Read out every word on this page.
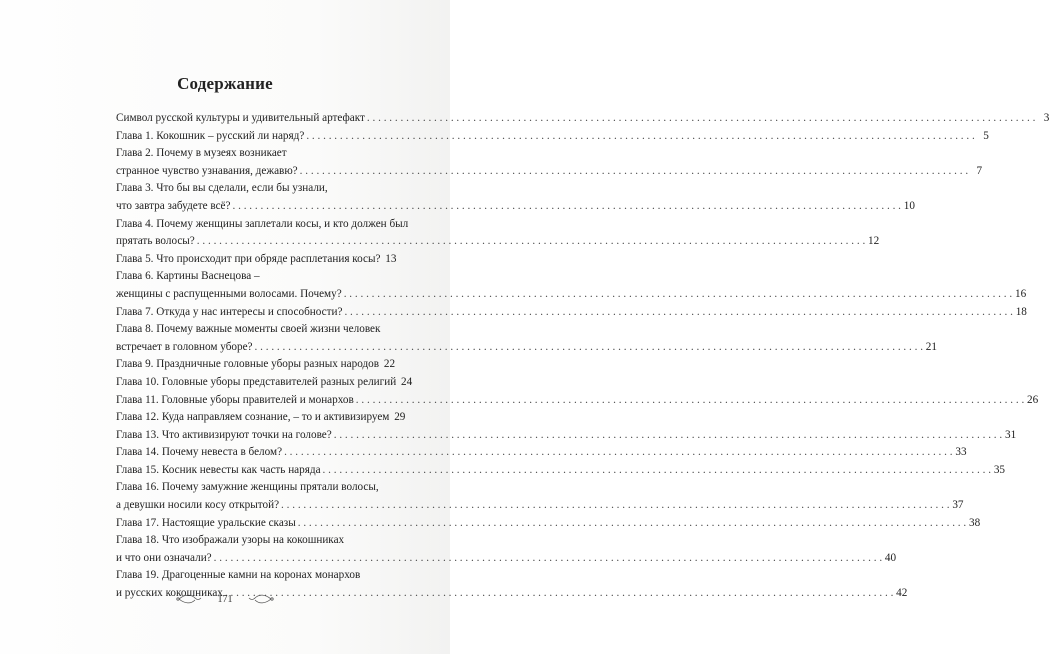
Содержание
Символ русской культуры и удивительный артефакт . . . . . . . . . . . . . . . . . . . . . . . . . . . . . . . . . . . . . . . . . . . . . . . . . . . . . . . . . . . . . . . . . . . . . . . . . . . . . . . . . . . . . . . . . . . . . . . . . . . . . . . . . . . . . . . . . . . . . . . . 3
Глава 1. Кокошник – русский ли наряд? . . . . . . . . . . . . . . . . . . . . . . . . . . . . . . . . . . . . . . . . . . . . . . . . . . . . . . . . . . . . . . . . . . . . . . . . . . . . . . . . . . . . . . . . . . . . . . . . . . . . . . . . . . . . . . . . . . . . . . . . 5
Глава 2. Почему в музеях возникает
странное чувство узнавания, дежавю? . . . . . . . . . . . . . . . . . . . . . . . . . . . . . . . . . . . . . . . . . . . . . . . . . . . . . . . . . . . . . . . . . . . . . . . . . . . . . . . . . . . . . . . . . . . . . . . . . . . . . . . . . . . . . . . . . . . . . . . . 7
Глава 3. Что бы вы сделали, если бы узнали,
что завтра забудете всё? . . . . . . . . . . . . . . . . . . . . . . . . . . . . . . . . . . . . . . . . . . . . . . . . . . . . . . . . . . . . . . . . . . . . . . . . . . . . . . . . . . . . . . . . . . . . . . . . . . . . . . . . . . . . . . . . . . . . . . . . 10
Глава 4. Почему женщины заплетали косы, и кто должен был
прятать волосы? . . . . . . . . . . . . . . . . . . . . . . . . . . . . . . . . . . . . . . . . . . . . . . . . . . . . . . . . . . . . . . . . . . . . . . . . . . . . . . . . . . . . . . . . . . . . . . . . . . . . . . . . . . . . . . . . . . . . . . . . 12
Глава 5. Что происходит при обряде расплетания косы? 13
Глава 6. Картины Васнецова –
женщины с распущенными волосами. Почему? . . . . . . . . . . . . . . . . . . . . . . . . . . . . . . . . . . . . . . . . . . . . . . . . . . . . . . . . . . . . . . . . . . . . . . . . . . . . . . . . . . . . . . . . . . . . . . . . . . . . . . . . . . . . . . . . . . . . . . . . 16
Глава 7. Откуда у нас интересы и способности? . . . . . . . . . . . . . . . . . . . . . . . . . . . . . . . . . . . . . . . . . . . . . . . . . . . . . . . . . . . . . . . . . . . . . . . . . . . . . . . . . . . . . . . . . . . . . . . . . . . . . . . . . . . . . . . . . . . . . . . . 18
Глава 8. Почему важные моменты своей жизни человек
встречает в головном уборе? . . . . . . . . . . . . . . . . . . . . . . . . . . . . . . . . . . . . . . . . . . . . . . . . . . . . . . . . . . . . . . . . . . . . . . . . . . . . . . . . . . . . . . . . . . . . . . . . . . . . . . . . . . . . . . . . . . . . . . . . 21
Глава 9. Праздничные головные уборы разных народов 22
Глава 10. Головные уборы представителей разных религий 24
Глава 11. Головные уборы правителей и монархов . . . . . . . . . . . . . . . . . . . . . . . . . . . . . . . . . . . . . . . . . . . . . . . . . . . . . . . . . . . . . . . . . . . . . . . . . . . . . . . . . . . . . . . . . . . . . . . . . . . . . . . . . . . . . . . . . . . . . . . . 26
Глава 12. Куда направляем сознание, – то и активизируем 29
Глава 13. Что активизируют точки на голове? . . . . . . . . . . . . . . . . . . . . . . . . . . . . . . . . . . . . . . . . . . . . . . . . . . . . . . . . . . . . . . . . . . . . . . . . . . . . . . . . . . . . . . . . . . . . . . . . . . . . . . . . . . . . . . . . . . . . . . . . 31
Глава 14. Почему невеста в белом? . . . . . . . . . . . . . . . . . . . . . . . . . . . . . . . . . . . . . . . . . . . . . . . . . . . . . . . . . . . . . . . . . . . . . . . . . . . . . . . . . . . . . . . . . . . . . . . . . . . . . . . . . . . . . . . . . . . . . . . . 33
Глава 15. Косник невесты как часть наряда . . . . . . . . . . . . . . . . . . . . . . . . . . . . . . . . . . . . . . . . . . . . . . . . . . . . . . . . . . . . . . . . . . . . . . . . . . . . . . . . . . . . . . . . . . . . . . . . . . . . . . . . . . . . . . . . . . . . . . . . 35
Глава 16. Почему замужние женщины прятали волосы,
а девушки носили косу открытой? . . . . . . . . . . . . . . . . . . . . . . . . . . . . . . . . . . . . . . . . . . . . . . . . . . . . . . . . . . . . . . . . . . . . . . . . . . . . . . . . . . . . . . . . . . . . . . . . . . . . . . . . . . . . . . . . . . . . . . . . 37
Глава 17. Настоящие уральские сказы . . . . . . . . . . . . . . . . . . . . . . . . . . . . . . . . . . . . . . . . . . . . . . . . . . . . . . . . . . . . . . . . . . . . . . . . . . . . . . . . . . . . . . . . . . . . . . . . . . . . . . . . . . . . . . . . . . . . . . . . 38
Глава 18. Что изображали узоры на кокошниках
и что они означали? . . . . . . . . . . . . . . . . . . . . . . . . . . . . . . . . . . . . . . . . . . . . . . . . . . . . . . . . . . . . . . . . . . . . . . . . . . . . . . . . . . . . . . . . . . . . . . . . . . . . . . . . . . . . . . . . . . . . . . . . 40
Глава 19. Драгоценные камни на коронах монархов
и русских кокошниках . . . . . . . . . . . . . . . . . . . . . . . . . . . . . . . . . . . . . . . . . . . . . . . . . . . . . . . . . . . . . . . . . . . . . . . . . . . . . . . . . . . . . . . . . . . . . . . . . . . . . . . . . . . . . . . . . . . . . . . . 42
171
